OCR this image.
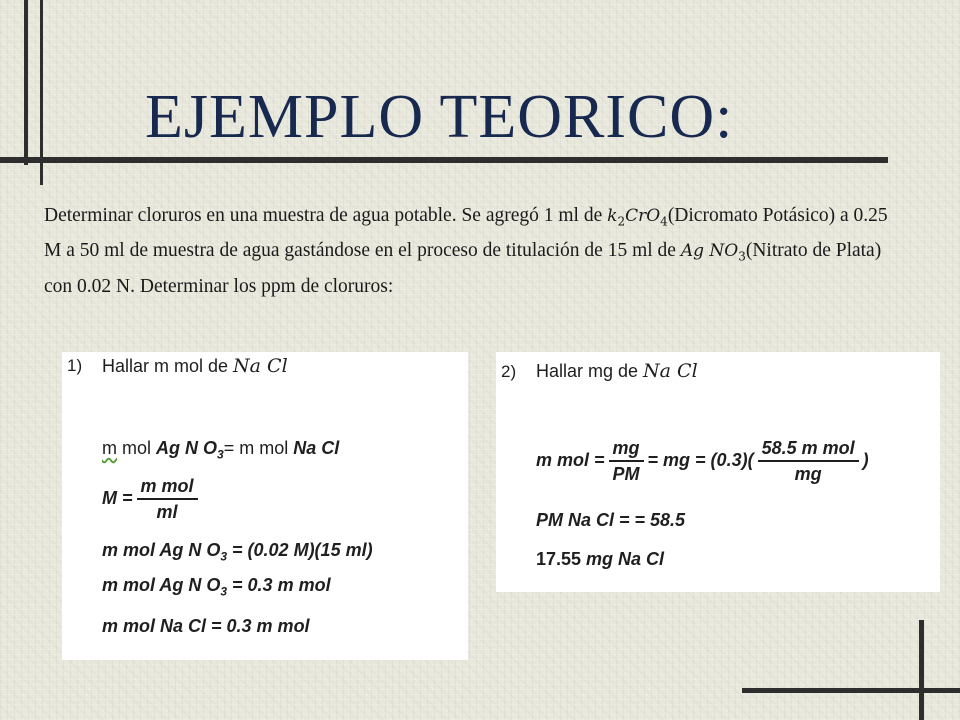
EJEMPLO TEORICO:

Determinar cloruros en una muestra de agua potable. Se agregó 1 ml de $k_2CrO_4(Dicromato$ Potásico) a 0.25 M a 50 ml de muestra de agua gastándose en el proceso de titulación de 15 ml de Ag $NO_3(Nitrato$ de Plata) con 0.02 N. Determinar los ppm de cloruros:

1) Hallar m mol de Na Cl
m mol Ag N $O_3= m$ mol Na Cl
$M = \frac{\text{m mol}}{ml}$
m mol Ag N $O_3 = (0.02$ M)(15 ml)
m mol Ag N $O_3 = 0.3$ m mol
m mol Na Cl = 0.3 m mol
2) Hallar mg de Na Cl
m mol = $\frac{mg}{PM}$ = mg = $(0.3)( \frac{\text{58.5 m mol}}{mg}$ )
PM Na Cl = = 58.5
17.55 mg Na Cl
